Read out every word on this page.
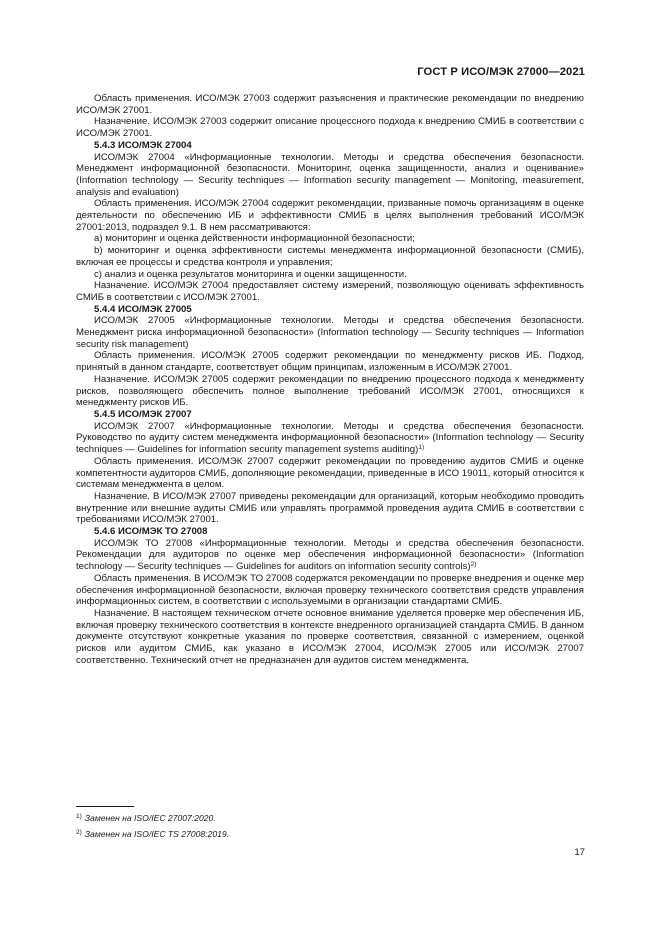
ГОСТ Р ИСО/МЭК 27000—2021

Область применения. ИСО/МЭК 27003 содержит разъяснения и практические рекомендации по внедрению ИСО/МЭК 27001.

Назначение. ИСО/МЭК 27003 содержит описание процессного подхода к внедрению СМИБ в соответствии с ИСО/МЭК 27001.

5.4.3 ИСО/МЭК 27004

ИСО/МЭК 27004 «Информационные технологии. Методы и средства обеспечения безопасности. Менеджмент информационной безопасности. Мониторинг, оценка защищенности, анализ и оценивание» (Information technology — Security techniques — Information security management — Monitoring, measurement, analysis and evaluation)

Область применения. ИСО/МЭК 27004 содержит рекомендации, призванные помочь организациям в оценке деятельности по обеспечению ИБ и эффективности СМИБ в целях выполнения требований ИСО/МЭК 27001:2013, подраздел 9.1. В нем рассматриваются:

a) мониторинг и оценка действенности информационной безопасности;

b) мониторинг и оценка эффективности системы менеджмента информационной безопасности (СМИБ), включая ее процессы и средства контроля и управления;

c) анализ и оценка результатов мониторинга и оценки защищенности.

Назначение. ИСО/МЭК 27004 предоставляет систему измерений, позволяющую оценивать эффективность СМИБ в соответствии с ИСО/МЭК 27001.

5.4.4 ИСО/МЭК 27005

ИСО/МЭК 27005 «Информационные технологии. Методы и средства обеспечения безопасности. Менеджмент риска информационной безопасности» (Information technology — Security techniques — Information security risk management)

Область применения. ИСО/МЭК 27005 содержит рекомендации по менеджменту рисков ИБ. Подход, принятый в данном стандарте, соответствует общим принципам, изложенным в ИСО/МЭК 27001.

Назначение. ИСО/МЭК 27005 содержит рекомендации по внедрению процессного подхода к менеджменту рисков, позволяющего обеспечить полное выполнение требований ИСО/МЭК 27001, относящихся к менеджменту рисков ИБ.

5.4.5 ИСО/МЭК 27007

ИСО/МЭК 27007 «Информационные технологии. Методы и средства обеспечения безопасности. Руководство по аудиту систем менеджмента информационной безопасности» (Information technology — Security techniques — Guidelines for information security management systems auditing)$^{1)}$

Область применения. ИСО/МЭК 27007 содержит рекомендации по проведению аудитов СМИБ и оценке компетентности аудиторов СМИБ, дополняющие рекомендации, приведенные в ИСО 19011, который относится к системам менеджмента в целом.

Назначение. В ИСО/МЭК 27007 приведены рекомендации для организаций, которым необходимо проводить внутренние или внешние аудиты СМИБ или управлять программой проведения аудита СМИБ в соответствии с требованиями ИСО/МЭК 27001.

5.4.6 ИСО/МЭК ТО 27008

ИСО/МЭК ТО 27008 «Информационные технологии. Методы и средства обеспечения безопасности. Рекомендации для аудиторов по оценке мер обеспечения информационной безопасности» (Information technology — Security techniques — Guidelines for auditors on information security controls)$^{2)}$

Область применения. В ИСО/МЭК ТО 27008 содержатся рекомендации по проверке внедрения и оценке мер обеспечения информационной безопасности, включая проверку технического соответствия средств управления информационных систем, в соответствии с используемыми в организации стандартами СМИБ.

Назначение. В настоящем техническом отчете основное внимание уделяется проверке мер обеспечения ИБ, включая проверку технического соответствия в контексте внедренного организацией стандарта СМИБ. В данном документе отсутствуют конкретные указания по проверке соответствия, связанной с измерением, оценкой рисков или аудитом СМИБ, как указано в ИСО/МЭК 27004, ИСО/МЭК 27005 или ИСО/МЭК 27007 соответственно. Технический отчет не предназначен для аудитов систем менеджмента.

$^{1)}$ Заменен на ISO/IEC 27007:2020.
$^{2)}$ Заменен на ISO/IEC TS 27008:2019.
17
